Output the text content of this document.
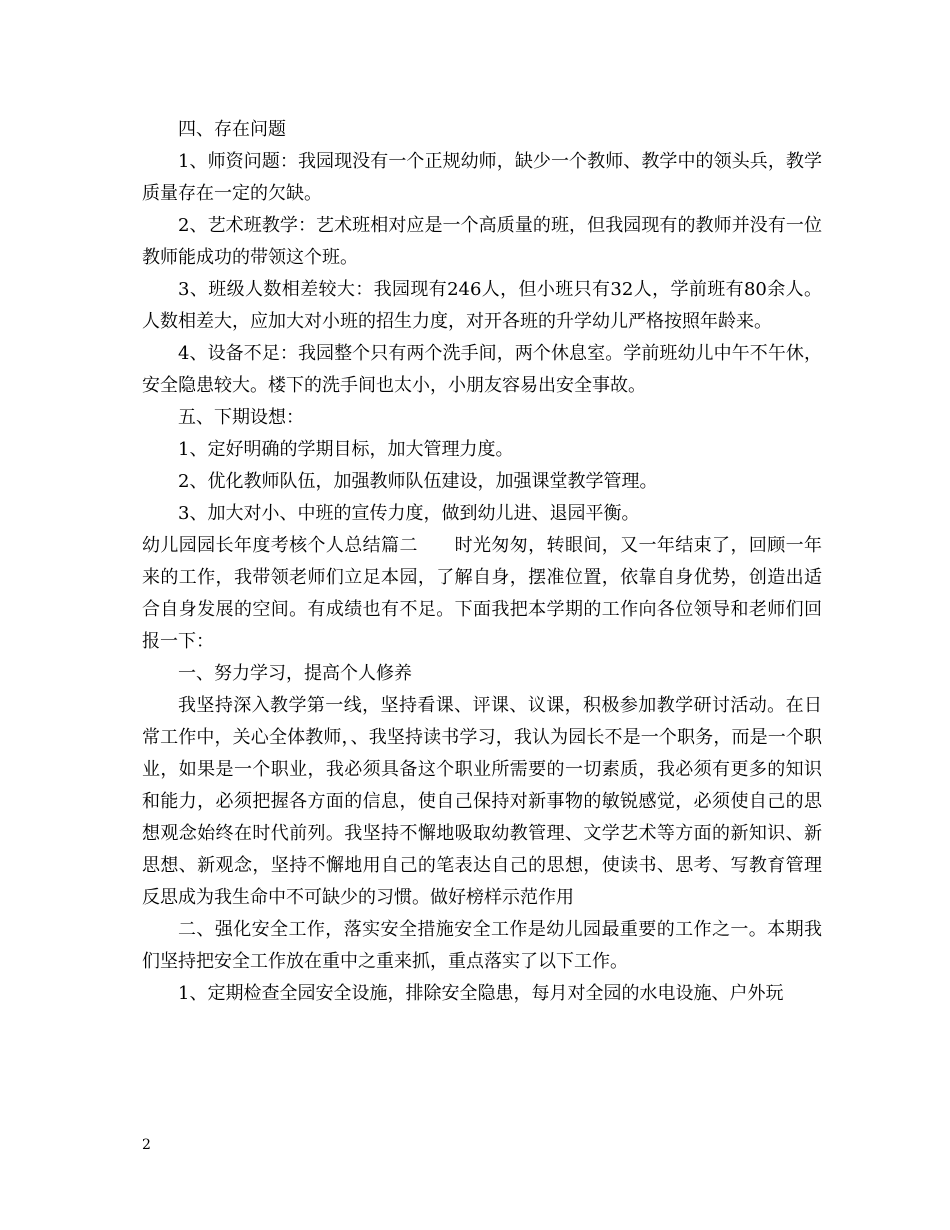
四、存在问题

1、师资问题：我园现没有一个正规幼师，缺少一个教师、教学中的领头兵，教学质量存在一定的欠缺。

2、艺术班教学：艺术班相对应是一个高质量的班，但我园现有的教师并没有一位教师能成功的带领这个班。

3、班级人数相差较大：我园现有246人，但小班只有32人，学前班有80余人。人数相差大，应加大对小班的招生力度，对开各班的升学幼儿严格按照年龄来。

4、设备不足：我园整个只有两个洗手间，两个休息室。学前班幼儿中午不午休，安全隐患较大。楼下的洗手间也太小，小朋友容易出安全事故。

五、下期设想：

1、定好明确的学期目标，加大管理力度。

2、优化教师队伍，加强教师队伍建设，加强课堂教学管理。

3、加大对小、中班的宣传力度，做到幼儿进、退园平衡。

幼儿园园长年度考核个人总结篇二　　时光匆匆，转眼间，又一年结束了，回顾一年来的工作，我带领老师们立足本园，了解自身，摆准位置，依靠自身优势，创造出适合自身发展的空间。有成绩也有不足。下面我把本学期的工作向各位领导和老师们回报一下：

一、努力学习，提高个人修养

我坚持深入教学第一线，坚持看课、评课、议课，积极参加教学研讨活动。在日常工作中，关心全体教师，、我坚持读书学习，我认为园长不是一个职务，而是一个职业，如果是一个职业，我必须具备这个职业所需要的一切素质，我必须有更多的知识和能力，必须把握各方面的信息，使自己保持对新事物的敏锐感觉，必须使自己的思想观念始终在时代前列。我坚持不懈地吸取幼教管理、文学艺术等方面的新知识、新思想、新观念，坚持不懈地用自己的笔表达自己的思想，使读书、思考、写教育管理反思成为我生命中不可缺少的习惯。做好榜样示范作用

二、强化安全工作，落实安全措施安全工作是幼儿园最重要的工作之一。本期我们坚持把安全工作放在重中之重来抓，重点落实了以下工作。

1、定期检查全园安全设施，排除安全隐患，每月对全园的水电设施、户外玩

2
